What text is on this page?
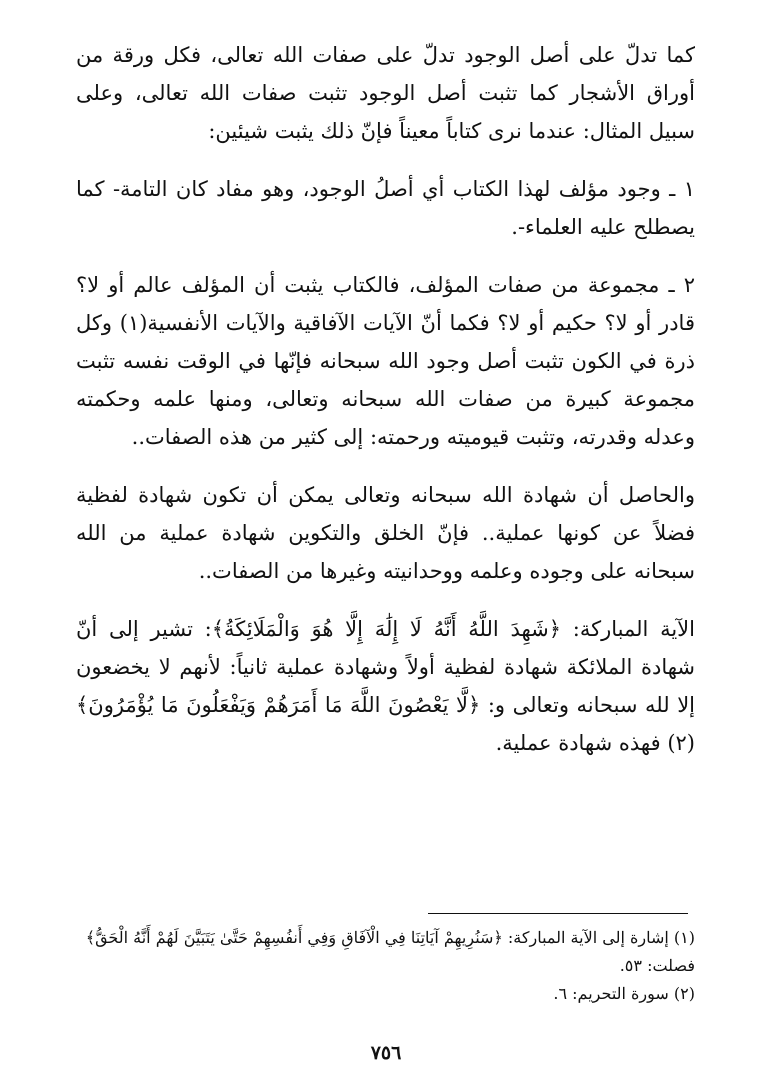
كما تدلّ على أصل الوجود تدلّ على صفات الله تعالى، فكل ورقة من أوراق الأشجار كما تثبت أصل الوجود تثبت صفات الله تعالى، وعلى سبيل المثال: عندما نرى كتاباً معيناً فإنّ ذلك يثبت شيئين:

١ ـ وجود مؤلف لهذا الكتاب أي أصلُ الوجود، وهو مفاد كان التامة- كما يصطلح عليه العلماء-.

٢ ـ مجموعة من صفات المؤلف، فالكتاب يثبت أن المؤلف عالم أو لا؟ قادر أو لا؟ حكيم أو لا؟ فكما أنّ الآيات الآفاقية والآيات الأنفسية(١) وكل ذرة في الكون تثبت أصل وجود الله سبحانه فإنّها في الوقت نفسه تثبت مجموعة كبيرة من صفات الله سبحانه وتعالى، ومنها علمه وحكمته وعدله وقدرته، وتثبت قيوميته ورحمته: إلى كثير من هذه الصفات..

والحاصل أن شهادة الله سبحانه وتعالى يمكن أن تكون شهادة لفظية فضلاً عن كونها عملية.. فإنّ الخلق والتكوين شهادة عملية من الله سبحانه على وجوده وعلمه ووحدانيته وغيرها من الصفات..

الآية المباركة: ﴿شَهِدَ اللَّهُ أَنَّهُ لَا إِلَٰهَ إِلَّا هُوَ وَالْمَلَائِكَةُ﴾: تشير إلى أنّ شهادة الملائكة شهادة لفظية أولاً وشهادة عملية ثانياً: لأنهم لا يخضعون إلا لله سبحانه وتعالى و: ﴿لَّا يَعْصُونَ اللَّهَ مَا أَمَرَهُمْ وَيَفْعَلُونَ مَا يُؤْمَرُونَ﴾(٢) فهذه شهادة عملية.

(١) إشارة إلى الآية المباركة: ﴿سَنُرِيهِمْ آيَاتِنَا فِي الْآفَاقِ وَفِي أَنفُسِهِمْ حَتَّىٰ يَتَبَيَّنَ لَهُمْ أَنَّهُ الْحَقُّ﴾ فصلت: ٥٣.

(٢) سورة التحريم: ٦.

٧٥٦
